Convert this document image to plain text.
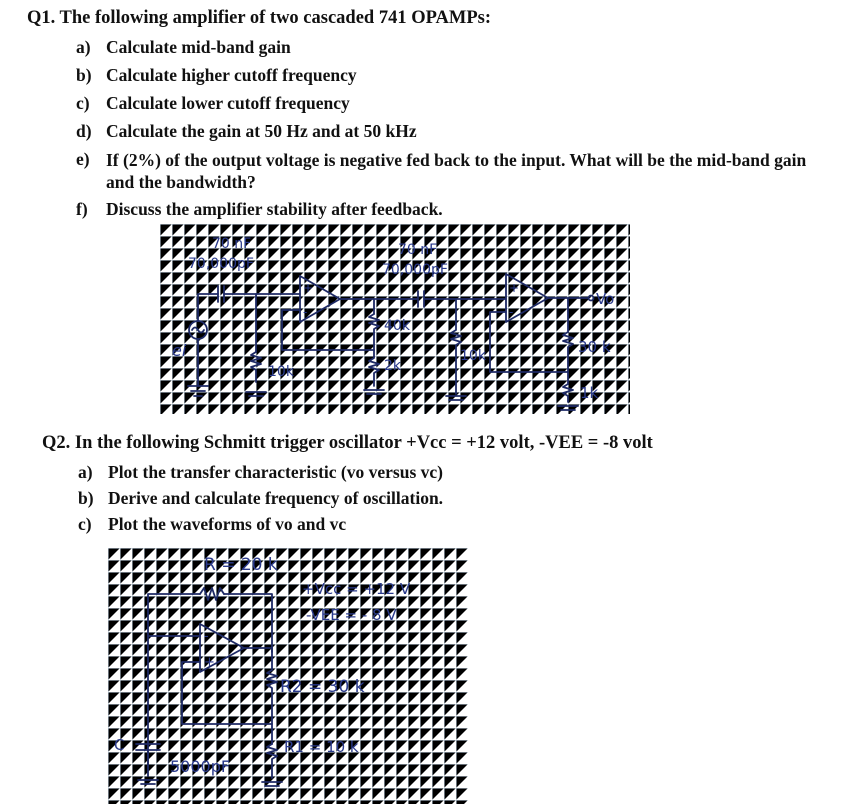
Q1. The following amplifier of two cascaded 741 OPAMPs:
a) Calculate mid-band gain
b) Calculate higher cutoff frequency
c) Calculate lower cutoff frequency
d) Calculate the gain at 50 Hz and at 50 kHz
e) If (2%) of the output voltage is negative fed back to the input. What will be the mid-band gain and the bandwidth?
f) Discuss the amplifier stability after feedback.
ei
70 nF
70,000pF
10k
+
-
40k
2k
70 nF
70,000pF
10k
+
-
Vo
30 k
1k
Q2. In the following Schmitt trigger oscillator +Vcc = +12 volt, -VEE = -8 volt
a) Plot the transfer characteristic (vo versus vc)
b) Derive and calculate frequency of oscillation.
c) Plot the waveforms of vo and vc
R = 20 k
+Vcc = +12 V
-VEE = - 8 V
-
+
R2 = 30 k
R1 = 10 k
C
5000pF
